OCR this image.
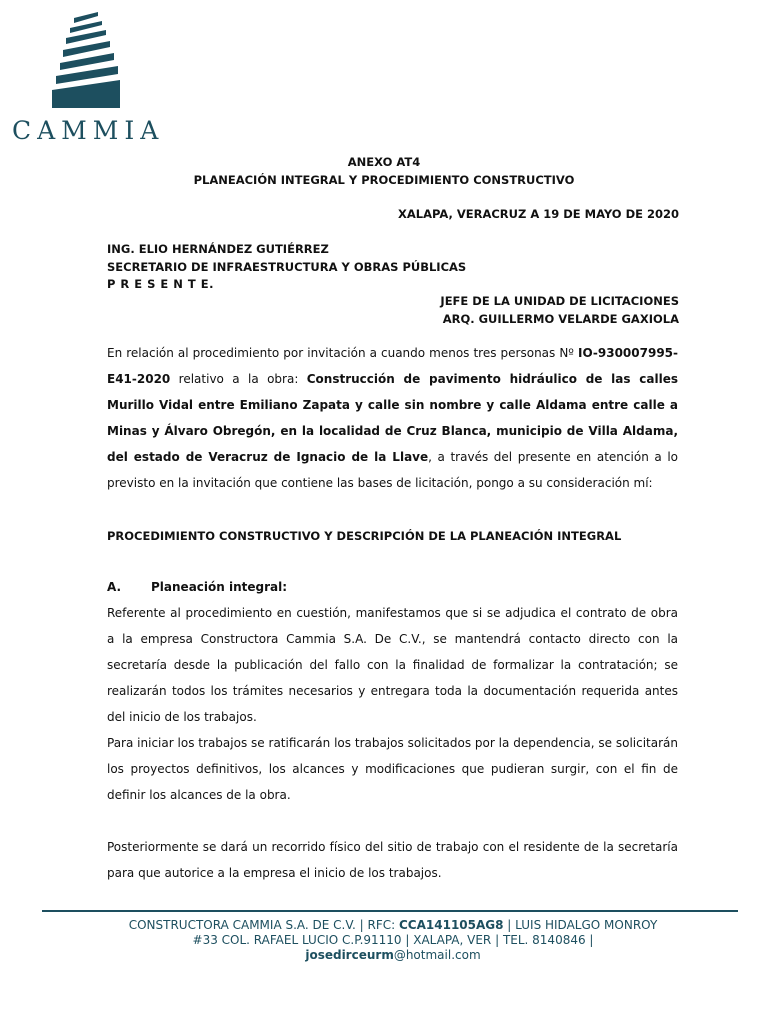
CAMMIA
ANEXO AT4
PLANEACIÓN INTEGRAL Y PROCEDIMIENTO CONSTRUCTIVO
XALAPA, VERACRUZ A 19 DE MAYO DE 2020
ING. ELIO HERNÁNDEZ GUTIÉRREZ
SECRETARIO DE INFRAESTRUCTURA Y OBRAS PÚBLICAS
P R E S E N T E.
JEFE DE LA UNIDAD DE LICITACIONES
ARQ. GUILLERMO VELARDE GAXIOLA
En relación al procedimiento por invitación a cuando menos tres personas Nº IO-930007995-E41-2020 relativo a la obra: Construcción de pavimento hidráulico de las calles Murillo Vidal entre Emiliano Zapata y calle sin nombre y calle Aldama entre calle a Minas y Álvaro Obregón, en la localidad de Cruz Blanca, municipio de Villa Aldama, del estado de Veracruz de Ignacio de la Llave, a través del presente en atención a lo previsto en la invitación que contiene las bases de licitación, pongo a su consideración mí:
PROCEDIMIENTO CONSTRUCTIVO Y DESCRIPCIÓN DE LA PLANEACIÓN INTEGRAL
A. Planeación integral:
Referente al procedimiento en cuestión, manifestamos que si se adjudica el contrato de obra a la empresa Constructora Cammia S.A. De C.V., se mantendrá contacto directo con la secretaría desde la publicación del fallo con la finalidad de formalizar la contratación; se realizarán todos los trámites necesarios y entregara toda la documentación requerida antes del inicio de los trabajos.
Para iniciar los trabajos se ratificarán los trabajos solicitados por la dependencia, se solicitarán los proyectos definitivos, los alcances y modificaciones que pudieran surgir, con el fin de definir los alcances de la obra.
Posteriormente se dará un recorrido físico del sitio de trabajo con el residente de la secretaría para que autorice a la empresa el inicio de los trabajos.
CONSTRUCTORA CAMMIA S.A. DE C.V. | RFC: CCA141105AG8 | LUIS HIDALGO MONROY
#33 COL. RAFAEL LUCIO C.P.91110 | XALAPA, VER | TEL. 8140846 |
josedirceurm@hotmail.com
